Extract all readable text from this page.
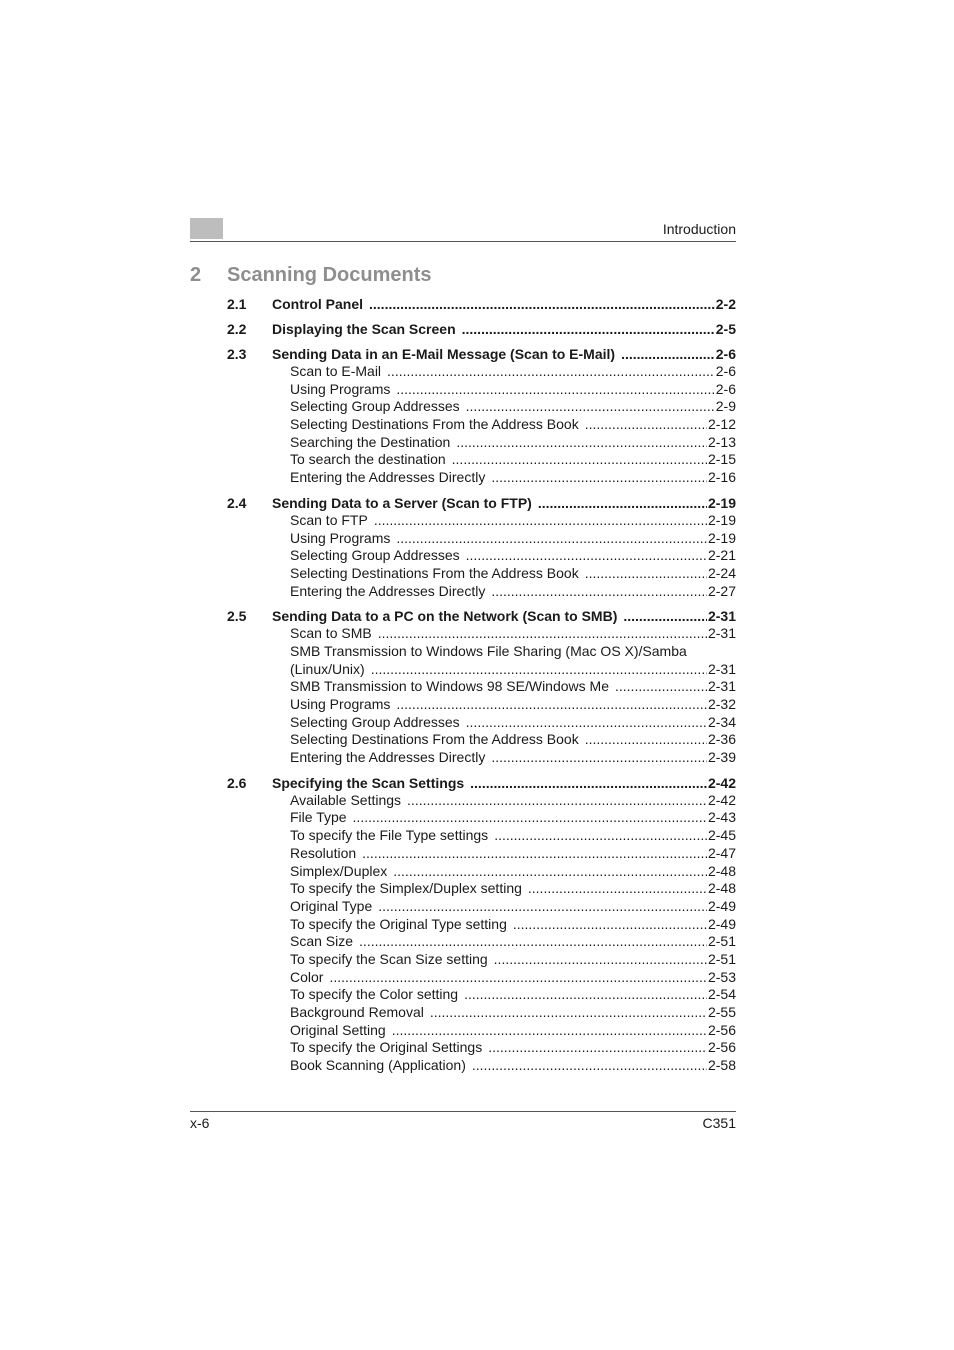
Introduction
2 Scanning Documents
2.1	Control Panel .....	2-2
2.2	Displaying the Scan Screen .....	2-5
2.3	Sending Data in an E-Mail Message (Scan to E-Mail) .....	2-6
Scan to E-Mail .....	2-6
Using Programs .....	2-6
Selecting Group Addresses .....	2-9
Selecting Destinations From the Address Book .....	2-12
Searching the Destination .....	2-13
To search the destination .....	2-15
Entering the Addresses Directly .....	2-16
2.4	Sending Data to a Server (Scan to FTP) .....	2-19
Scan to FTP .....	2-19
Using Programs .....	2-19
Selecting Group Addresses .....	2-21
Selecting Destinations From the Address Book .....	2-24
Entering the Addresses Directly .....	2-27
2.5	Sending Data to a PC on the Network (Scan to SMB) .....	2-31
Scan to SMB .....	2-31
SMB Transmission to Windows File Sharing (Mac OS X)/Samba
(Linux/Unix) .....	2-31
SMB Transmission to Windows 98 SE/Windows Me .....	2-31
Using Programs .....	2-32
Selecting Group Addresses .....	2-34
Selecting Destinations From the Address Book .....	2-36
Entering the Addresses Directly .....	2-39
2.6	Specifying the Scan Settings .....	2-42
Available Settings .....	2-42
File Type .....	2-43
To specify the File Type settings .....	2-45
Resolution .....	2-47
Simplex/Duplex .....	2-48
To specify the Simplex/Duplex setting .....	2-48
Original Type .....	2-49
To specify the Original Type setting .....	2-49
Scan Size .....	2-51
To specify the Scan Size setting .....	2-51
Color .....	2-53
To specify the Color setting .....	2-54
Background Removal .....	2-55
Original Setting .....	2-56
To specify the Original Settings .....	2-56
Book Scanning (Application) .....	2-58
x-6	C351
